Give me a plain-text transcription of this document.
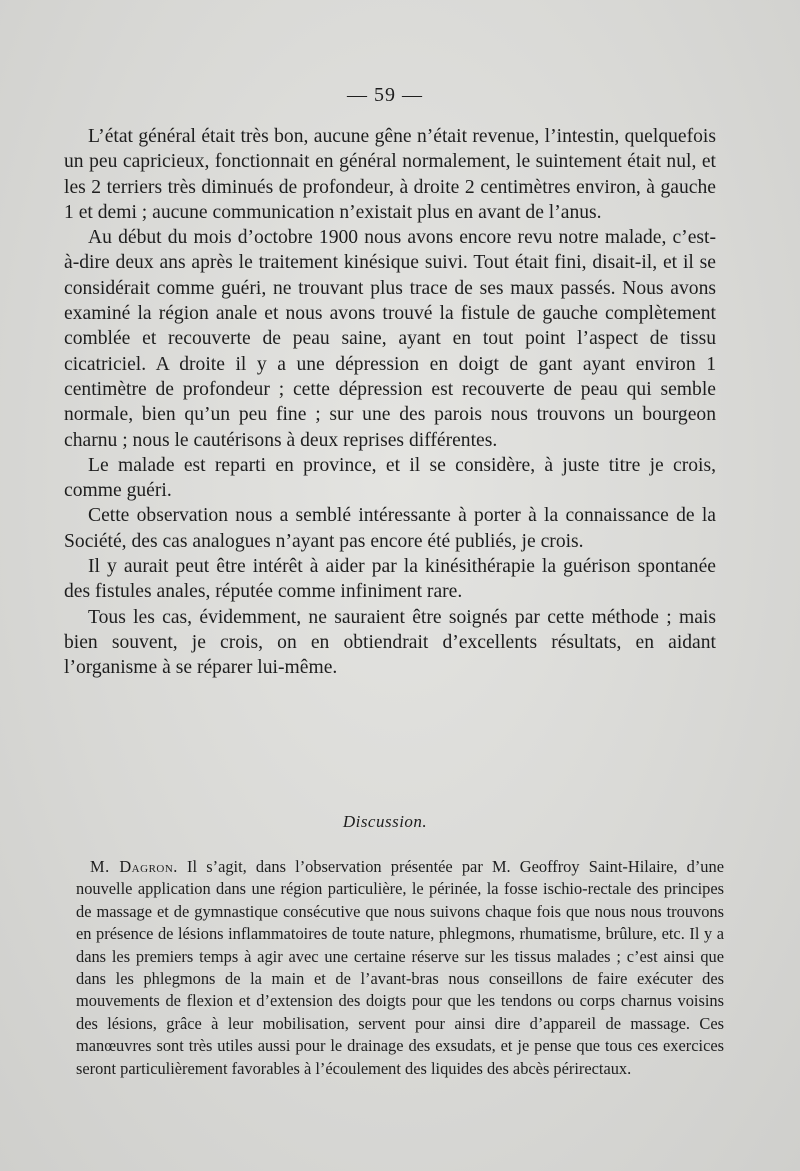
— 59 —

L’état général était très bon, aucune gêne n’était revenue, l’intestin, quelquefois un peu capricieux, fonctionnait en général normalement, le suintement était nul, et les 2 terriers très diminués de profondeur, à droite 2 centimètres environ, à gauche 1 et demi ; aucune communication n’existait plus en avant de l’anus.

Au début du mois d’octobre 1900 nous avons encore revu notre malade, c’est-à-dire deux ans après le traitement kinésique suivi. Tout était fini, disait-il, et il se considérait comme guéri, ne trouvant plus trace de ses maux passés. Nous avons examiné la région anale et nous avons trouvé la fistule de gauche complètement comblée et recouverte de peau saine, ayant en tout point l’aspect de tissu cicatriciel. A droite il y a une dépression en doigt de gant ayant environ 1 centimètre de profondeur ; cette dépression est recouverte de peau qui semble normale, bien qu’un peu fine ; sur une des parois nous trouvons un bourgeon charnu ; nous le cautérisons à deux reprises différentes.

Le malade est reparti en province, et il se considère, à juste titre je crois, comme guéri.

Cette observation nous a semblé intéressante à porter à la connaissance de la Société, des cas analogues n’ayant pas encore été publiés, je crois.

Il y aurait peut être intérêt à aider par la kinésithérapie la guérison spontanée des fistules anales, réputée comme infiniment rare.

Tous les cas, évidemment, ne sauraient être soignés par cette méthode ; mais bien souvent, je crois, on en obtiendrait d’excellents résultats, en aidant l’organisme à se réparer lui-même.

Discussion.

M. Dagron. Il s’agit, dans l’observation présentée par M. Geoffroy Saint-Hilaire, d’une nouvelle application dans une région particulière, le périnée, la fosse ischio-rectale des principes de massage et de gymnastique consécutive que nous suivons chaque fois que nous nous trouvons en présence de lésions inflammatoires de toute nature, phlegmons, rhumatisme, brûlure, etc. Il y a dans les premiers temps à agir avec une certaine réserve sur les tissus malades ; c’est ainsi que dans les phlegmons de la main et de l’avant-bras nous conseillons de faire exécuter des mouvements de flexion et d’extension des doigts pour que les tendons ou corps charnus voisins des lésions, grâce à leur mobilisation, servent pour ainsi dire d’appareil de massage. Ces manœuvres sont très utiles aussi pour le drainage des exsudats, et je pense que tous ces exercices seront particulièrement favorables à l’écoulement des liquides des abcès périrectaux.
